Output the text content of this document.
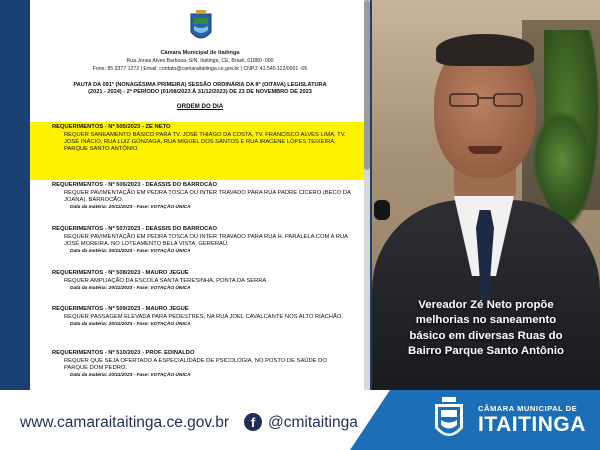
Câmara Municipal de Itaitinga
Rua Jonas Alves Barbosa, S/N, Itaitinga, CE, Brasil, 61880 -000
Fone: 85 3377 1272 | Email: contato@camaraitaitinga.ce.gov.br | CNPJ: 41.545.112/0001 -05
PAUTA DA 091ª (NONAGÉSIMA PRIMEIRA) SESSÃO ORDINÁRIA DA 8ª (OITAVA) LEGISLATURA
(2021 - 2024) - 2º PERÍODO (01/08/2023 À 31/12/2023) DE 23 DE NOVEMBRO DE 2023
ORDEM DO DIA
REQUERIMENTOS - Nº 505/2023 - ZE NETO
REQUER SANEAMENTO BÁSICO PARA TV. JOSÉ THIAGO DA COSTA, TV. FRANCISCO ALVES LIMA, TV. JOSÉ INÁCIO, RUA LUIZ GONZAGA, RUA MIGUEL DOS SANTOS E RUA IRACENE LOPES TEIXEIRA, PARQUE SANTO ANTÔNIO.
REQUERIMENTOS - Nº 506/2023 - DEASSIS DO BARROCAO
REQUER PAVIMENTAÇÃO EM PEDRA TOSCA OU INTER TRAVADO PARA RUA PADRE CÍCERO (BECO DA JOANA), BARROCÃO.
Data da matéria: 20/11/2023 - Fase: VOTAÇÃO ÚNICA
REQUERIMENTOS - Nº 507/2023 - DEASSIS DO BARROCAO
REQUER PAVIMENTAÇÃO EM PEDRA TOSCA OU INTER TRAVADO PARA RUA H, PARALELA COM A RUA JOSÉ MOREIRA, NO LOTEAMENTO BELA VISTA, GERERAÚ.
Data da matéria: 20/11/2023 - Fase: VOTAÇÃO ÚNICA
REQUERIMENTOS - Nº 508/2023 - MAURO JEGUE
REQUER AMPLIAÇÃO DA ESCOLA SANTA TERESINHA, PONTA DA SERRA.
Data da matéria: 20/11/2023 - Fase: VOTAÇÃO ÚNICA
REQUERIMENTOS - Nº 509/2023 - MAURO JEGUE
REQUER PASSAGEM ELEVADA PARA PEDESTRES, NA RUA JOEL CAVALCANTE NOS ALTO RIACHÃO.
Data da matéria: 20/11/2023 - Fase: VOTAÇÃO ÚNICA
REQUERIMENTOS - Nº 510/2023 - PROF. EDINALDO
REQUER QUE SEJA OFERTADO A ESPECIALIDADE DE PSICOLOGIA, NO POSTO DE SAÚDE DO PARQUE DOM PEDRO.
Data da matéria: 20/11/2023 - Fase: VOTAÇÃO ÚNICA
Vereador Zé Neto propõe
melhorias no saneamento
básico em diversas Ruas do
Bairro Parque Santo Antônio
www.camaraitaitinga.ce.gov.br	f @cmitaitinga
CÂMARA MUNICIPAL DE
ITAITINGA
